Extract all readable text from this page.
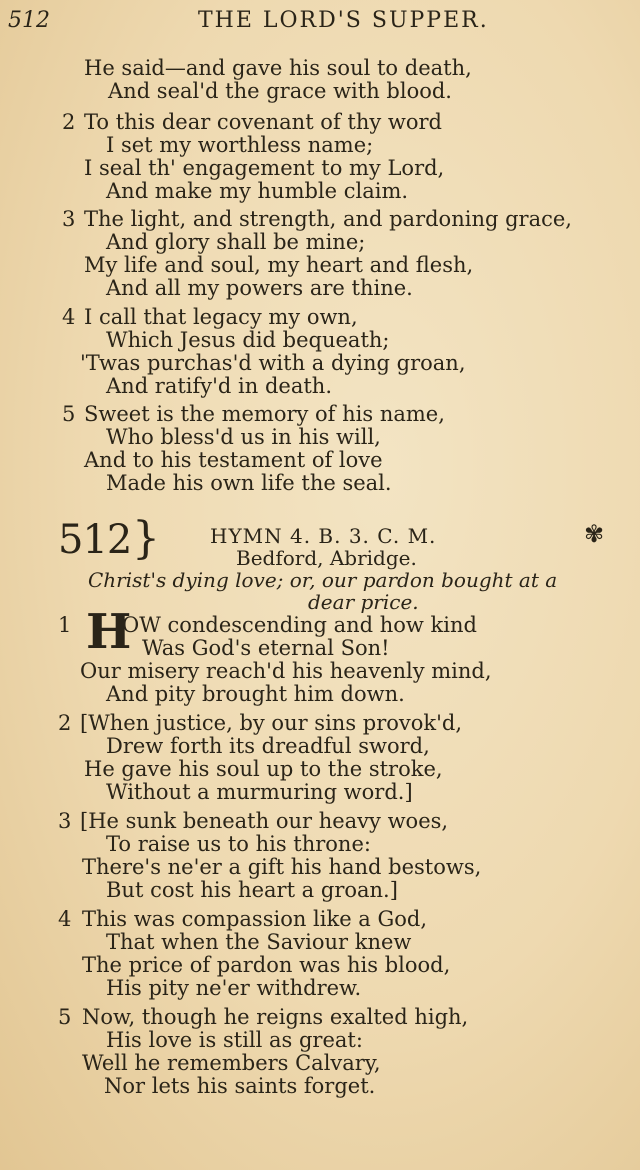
512	THE LORD'S SUPPER.
He said—and gave his soul to death,
And seal'd the grace with blood.
2 To this dear covenant of thy word
I set my worthless name;
I seal th' engagement to my Lord,
And make my humble claim.
3 The light, and strength, and pardoning grace,
And glory shall be mine;
My life and soul, my heart and flesh,
And all my powers are thine.
4 I call that legacy my own,
Which Jesus did bequeath;
'Twas purchas'd with a dying groan,
And ratify'd in death.
5 Sweet is the memory of his name,
Who bless'd us in his will,
And to his testament of love
Made his own life the seal.
512 }	HYMN 4. B. 3. C. M.
Bedford, Abridge.
✾
Christ's dying love; or, our pardon bought at a
dear price.
1 H
OW condescending and how kind
Was God's eternal Son!
Our misery reach'd his heavenly mind,
And pity brought him down.
2 [When justice, by our sins provok'd,
Drew forth its dreadful sword,
He gave his soul up to the stroke,
Without a murmuring word.]
3 [He sunk beneath our heavy woes,
To raise us to his throne:
There's ne'er a gift his hand bestows,
But cost his heart a groan.]
4 This was compassion like a God,
That when the Saviour knew
The price of pardon was his blood,
His pity ne'er withdrew.
5 Now, though he reigns exalted high,
His love is still as great:
Well he remembers Calvary,
Nor lets his saints forget.
